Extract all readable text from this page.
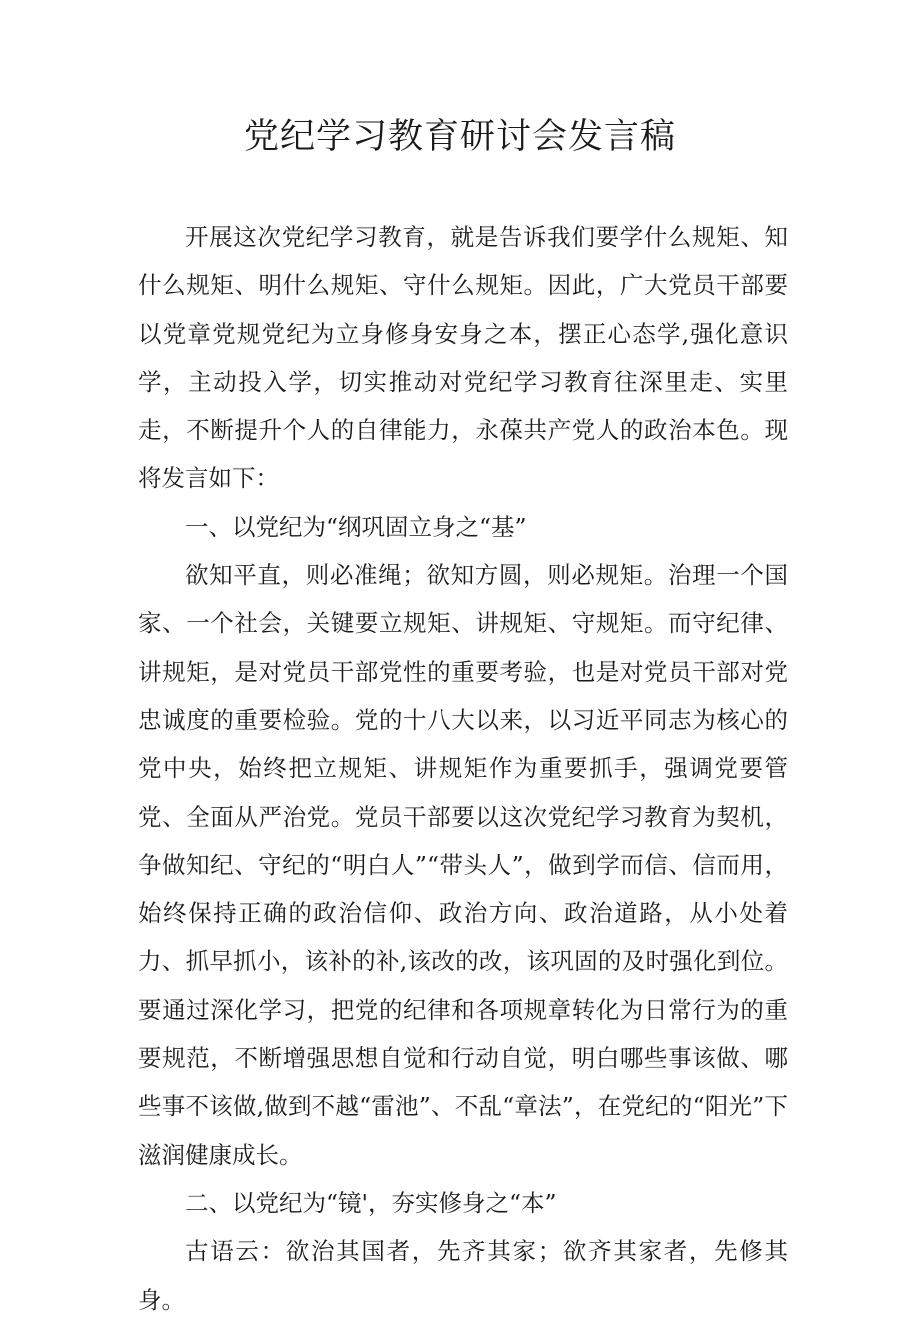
党纪学习教育研讨会发言稿

开展这次党纪学习教育，就是告诉我们要学什么规矩、知什么规矩、明什么规矩、守什么规矩。因此，广大党员干部要以党章党规党纪为立身修身安身之本，摆正心态学,强化意识学，主动投入学，切实推动对党纪学习教育往深里走、实里走，不断提升个人的自律能力，永葆共产党人的政治本色。现将发言如下：

一、以党纪为“纲巩固立身之“基”

欲知平直，则必准绳；欲知方圆，则必规矩。治理一个国家、一个社会，关键要立规矩、讲规矩、守规矩。而守纪律、讲规矩，是对党员干部党性的重要考验，也是对党员干部对党忠诚度的重要检验。党的十八大以来，以习近平同志为核心的党中央，始终把立规矩、讲规矩作为重要抓手，强调党要管党、全面从严治党。党员干部要以这次党纪学习教育为契机，争做知纪、守纪的“明白人”“带头人”，做到学而信、信而用，始终保持正确的政治信仰、政治方向、政治道路，从小处着力、抓早抓小，该补的补,该改的改，该巩固的及时强化到位。要通过深化学习，把党的纪律和各项规章转化为日常行为的重要规范，不断增强思想自觉和行动自觉，明白哪些事该做、哪些事不该做,做到不越“雷池”、不乱“章法”，在党纪的“阳光”下滋润健康成长。

二、以党纪为“镜'，夯实修身之“本”

古语云：欲治其国者，先齐其家；欲齐其家者，先修其身。
